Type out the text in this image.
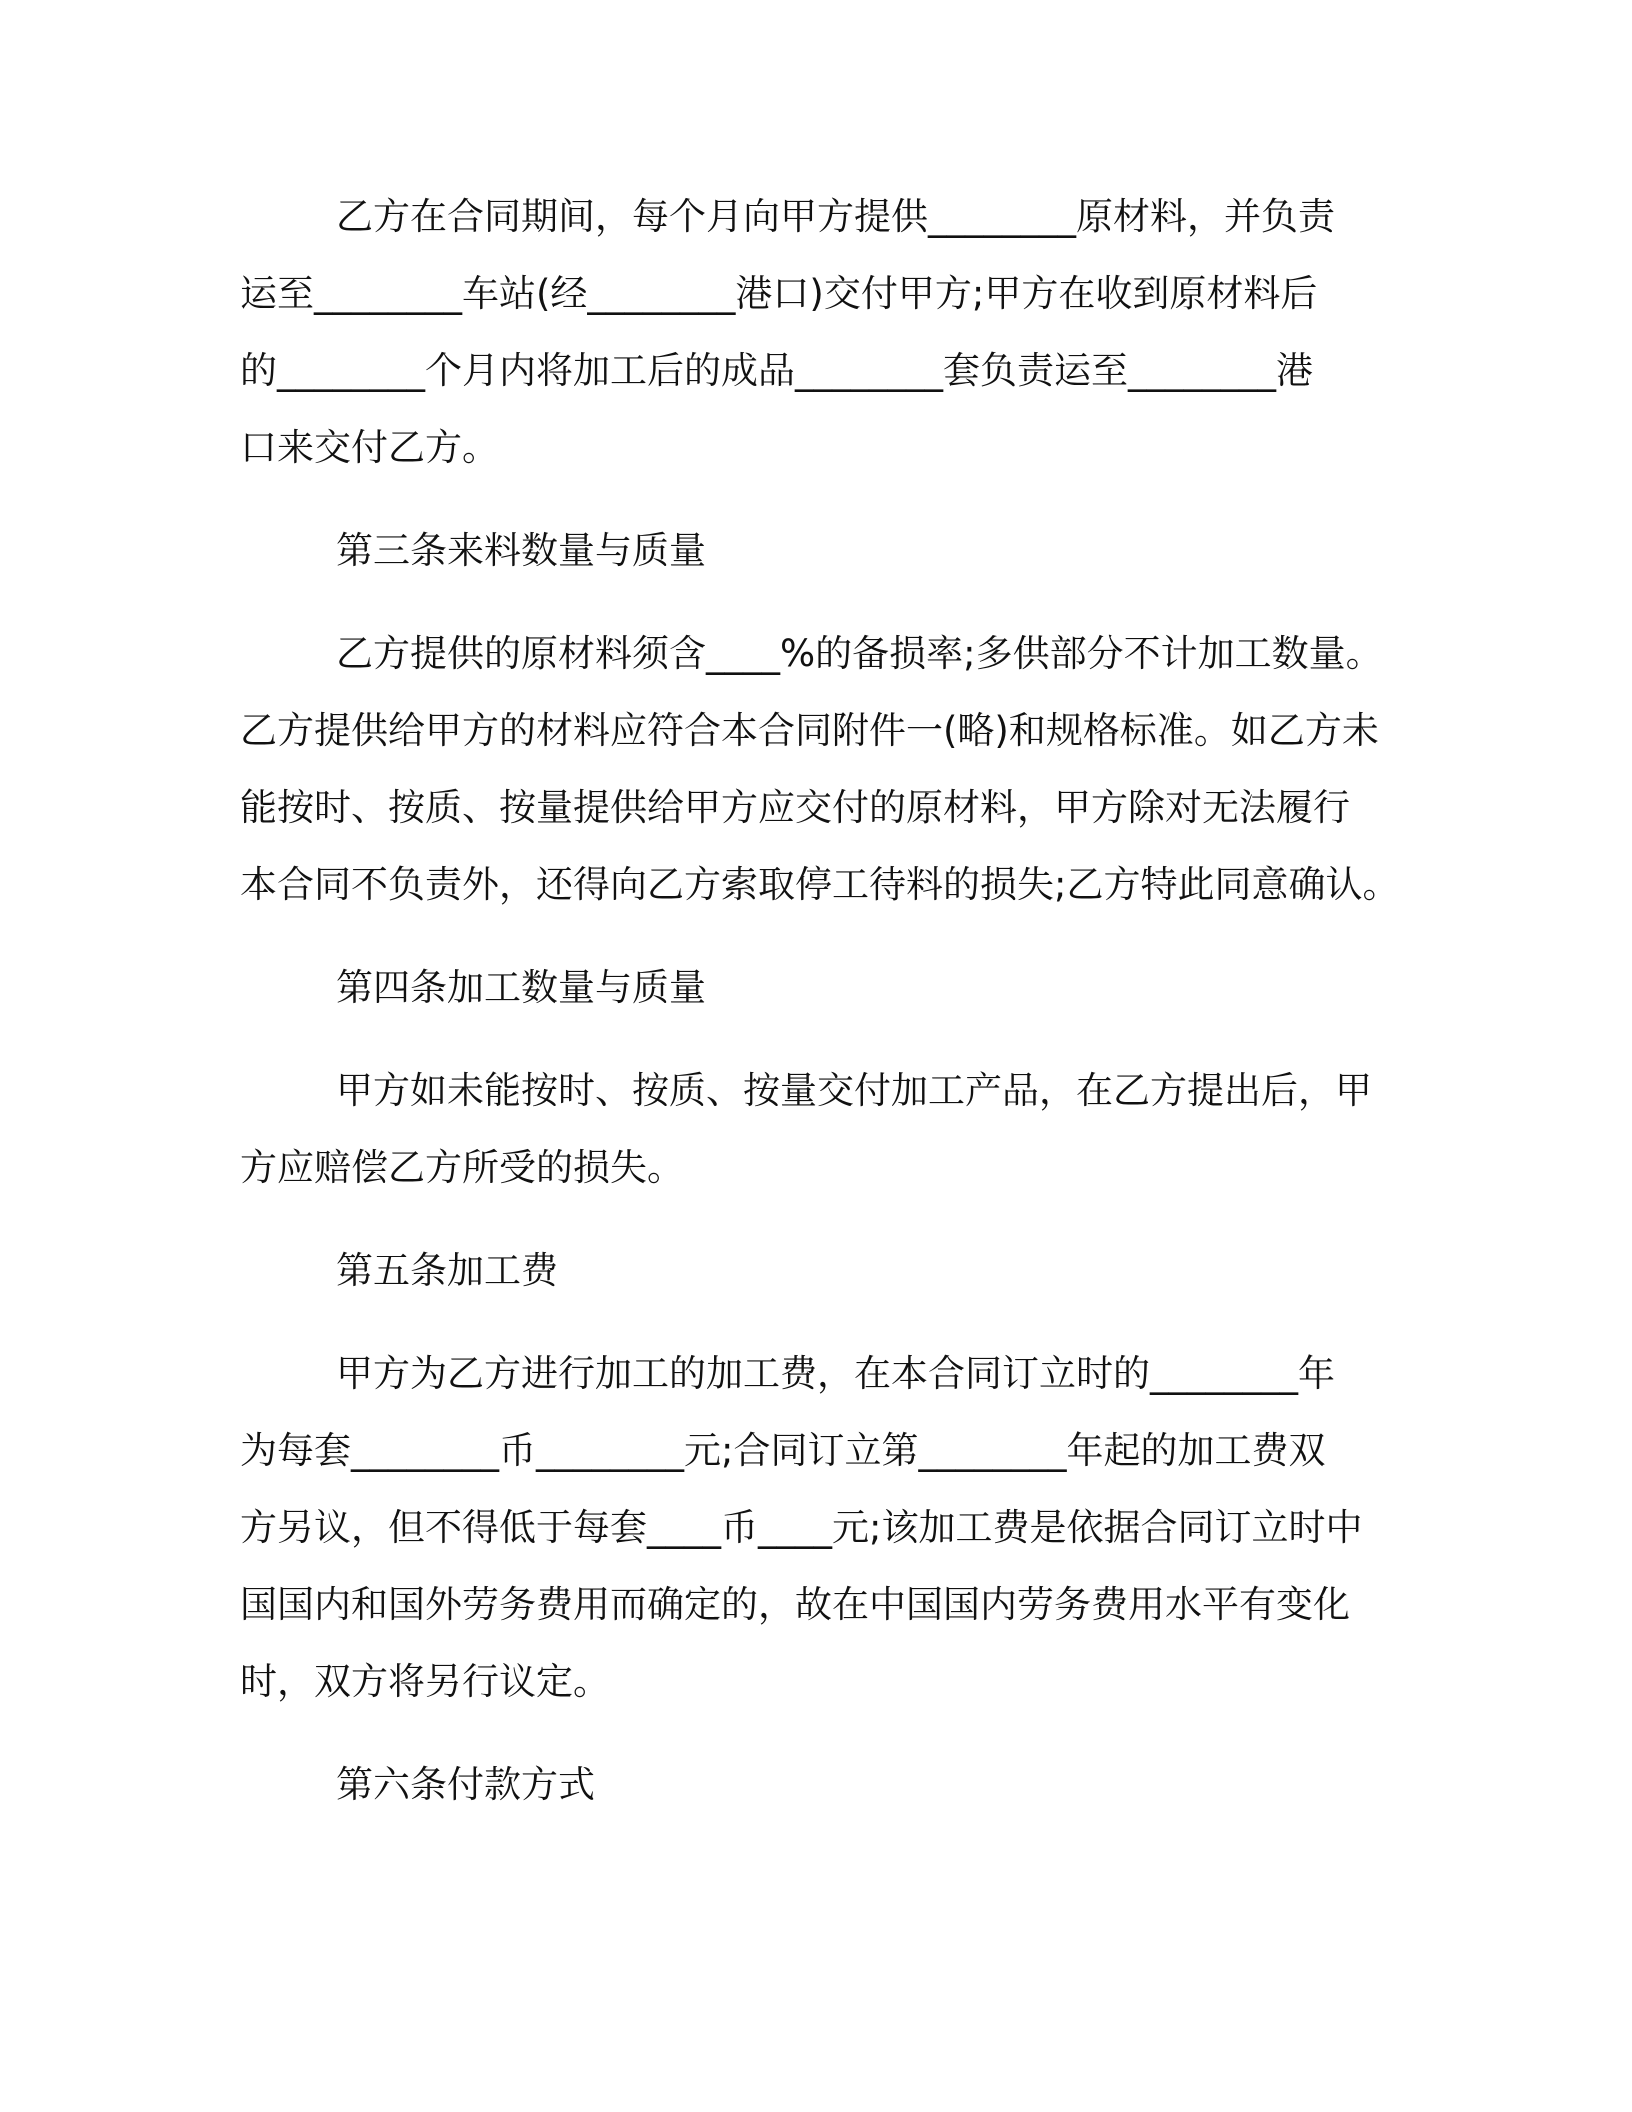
乙方在合同期间，每个月向甲方提供________原材料，并负责
运至________车站(经________港口)交付甲方;甲方在收到原材料后
的________个月内将加工后的成品________套负责运至________港
口来交付乙方。
第三条来料数量与质量
乙方提供的原材料须含____%的备损率;多供部分不计加工数量。
乙方提供给甲方的材料应符合本合同附件一(略)和规格标准。如乙方未
能按时、按质、按量提供给甲方应交付的原材料，甲方除对无法履行
本合同不负责外，还得向乙方索取停工待料的损失;乙方特此同意确认。
第四条加工数量与质量
甲方如未能按时、按质、按量交付加工产品，在乙方提出后，甲
方应赔偿乙方所受的损失。
第五条加工费
甲方为乙方进行加工的加工费，在本合同订立时的________年
为每套________币________元;合同订立第________年起的加工费双
方另议，但不得低于每套____币____元;该加工费是依据合同订立时中
国国内和国外劳务费用而确定的，故在中国国内劳务费用水平有变化
时，双方将另行议定。
第六条付款方式
